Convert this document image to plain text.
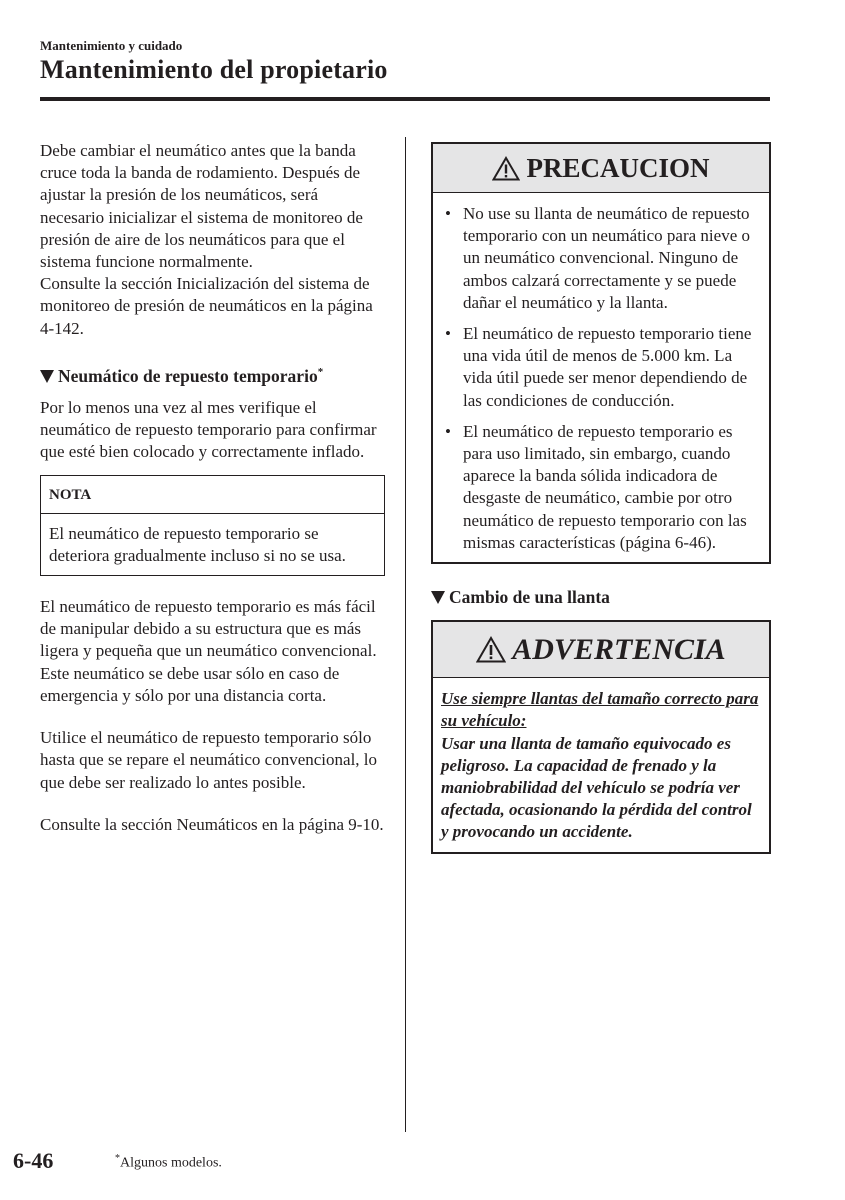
Mantenimiento y cuidado
Mantenimiento del propietario

Debe cambiar el neumático antes que la banda cruce toda la banda de rodamiento. Después de ajustar la presión de los neumáticos, será necesario inicializar el sistema de monitoreo de presión de aire de los neumáticos para que el sistema funcione normalmente.

Consulte la sección Inicialización del sistema de monitoreo de presión de neumáticos en la página 4-142.

Neumático de repuesto temporario*

Por lo menos una vez al mes verifique el neumático de repuesto temporario para confirmar que esté bien colocado y correctamente inflado.

NOTA
El neumático de repuesto temporario se deteriora gradualmente incluso si no se usa.

El neumático de repuesto temporario es más fácil de manipular debido a su estructura que es más ligera y pequeña que un neumático convencional. Este neumático se debe usar sólo en caso de emergencia y sólo por una distancia corta.

Utilice el neumático de repuesto temporario sólo hasta que se repare el neumático convencional, lo que debe ser realizado lo antes posible.

Consulte la sección Neumáticos en la página 9-10.

PRECAUCION
• No use su llanta de neumático de repuesto temporario con un neumático para nieve o un neumático convencional. Ninguno de ambos calzará correctamente y se puede dañar el neumático y la llanta.
• El neumático de repuesto temporario tiene una vida útil de menos de 5.000 km. La vida útil puede ser menor dependiendo de las condiciones de conducción.
• El neumático de repuesto temporario es para uso limitado, sin embargo, cuando aparece la banda sólida indicadora de desgaste de neumático, cambie por otro neumático de repuesto temporario con las mismas características (página 6-46).
Cambio de una llanta
ADVERTENCIA
Use siempre llantas del tamaño correcto para su vehículo:
Usar una llanta de tamaño equivocado es peligroso. La capacidad de frenado y la maniobrabilidad del vehículo se podría ver afectada, ocasionando la pérdida del control y provocando un accidente.
6-46	*Algunos modelos.
